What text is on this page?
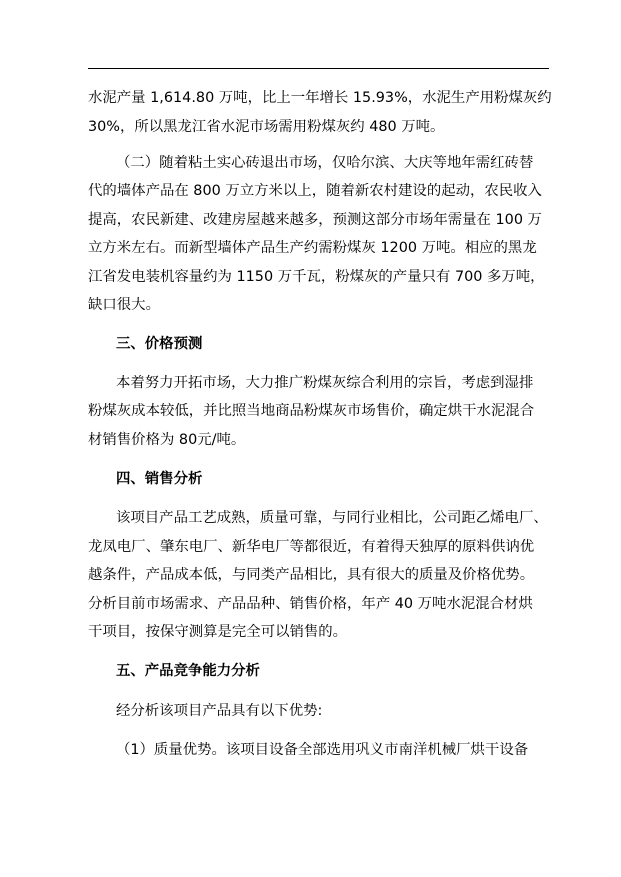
水泥产量 1,614.80 万吨，比上一年增长 15.93%，水泥生产用粉煤灰约
30%，所以黑龙江省水泥市场需用粉煤灰约 480 万吨。
（二）随着粘土实心砖退出市场，仅哈尔滨、大庆等地年需红砖替
代的墙体产品在 800 万立方米以上，随着新农村建设的起动，农民收入
提高，农民新建、改建房屋越来越多，预测这部分市场年需量在 100 万
立方米左右。而新型墙体产品生产约需粉煤灰 1200 万吨。相应的黑龙
江省发电装机容量约为 1150 万千瓦，粉煤灰的产量只有 700 多万吨，
缺口很大。
三、价格预测
本着努力开拓市场，大力推广粉煤灰综合利用的宗旨，考虑到湿排
粉煤灰成本较低，并比照当地商品粉煤灰市场售价，确定烘干水泥混合
材销售价格为 80元/吨。
四、销售分析
该项目产品工艺成熟，质量可靠，与同行业相比，公司距乙烯电厂、
龙凤电厂、肇东电厂、新华电厂等都很近，有着得天独厚的原料供讷优
越条件，产品成本低，与同类产品相比，具有很大的质量及价格优势。
分析目前市场需求、产品品种、销售价格，年产 40 万吨水泥混合材烘
干项目，按保守测算是完全可以销售的。
五、产品竞争能力分析
经分析该项目产品具有以下优势:
（1）质量优势。该项目设备全部选用巩义市南洋机械厂烘干设备
